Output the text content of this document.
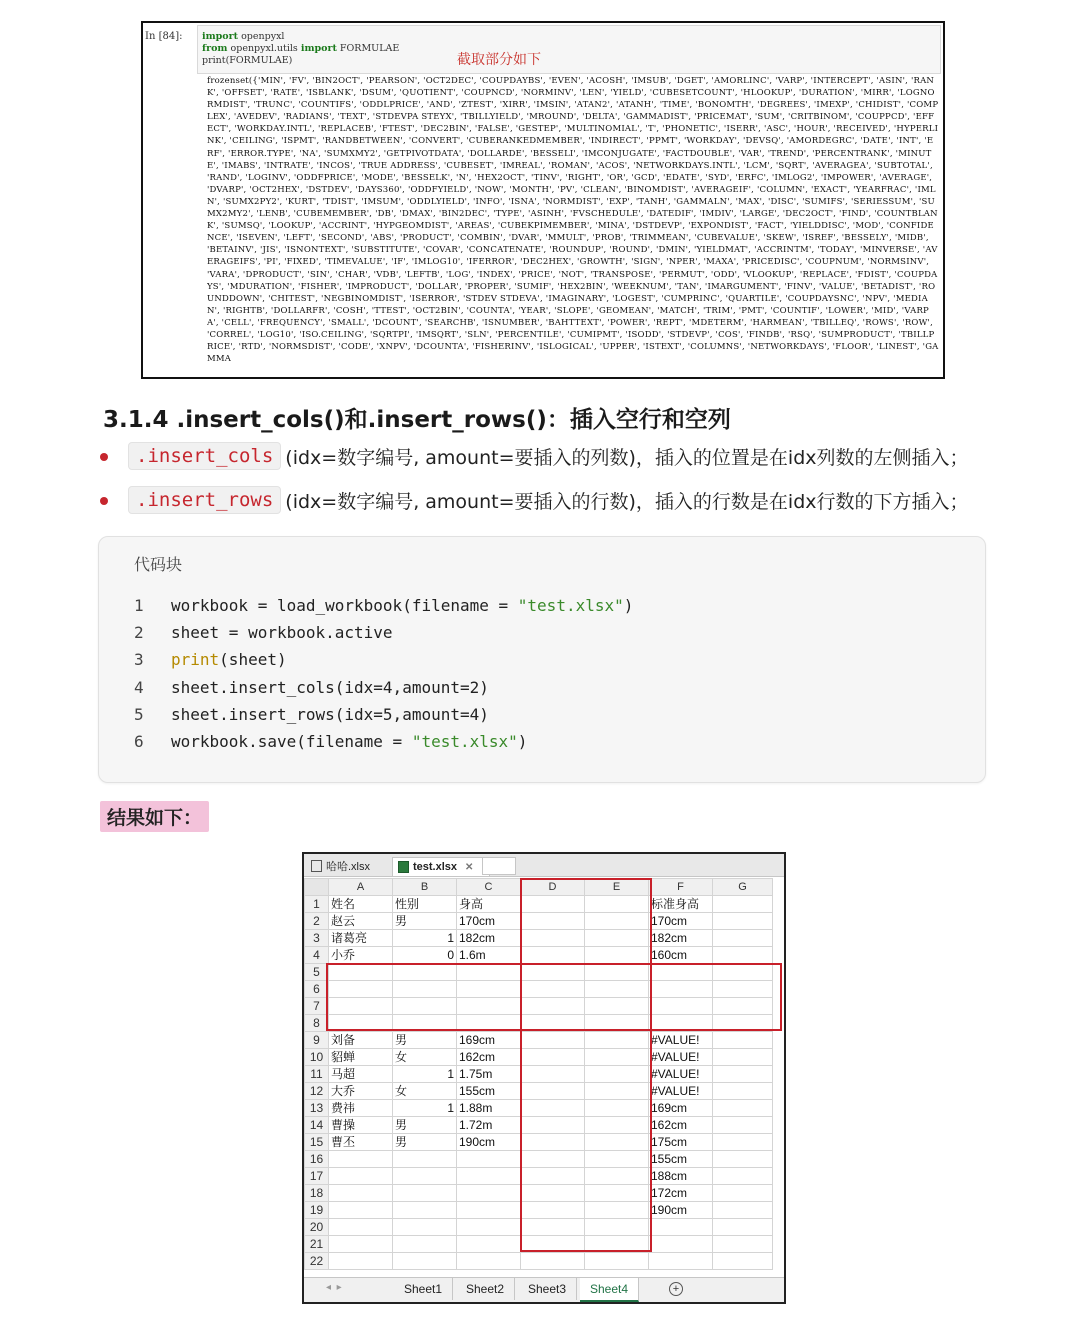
In [84]:	import openpyxl
from openpyxl.utils import FORMULAE
print(FORMULAE)	截取部分如下
frozenset({'MIN', 'FV', 'BIN2OCT', 'PEARSON', 'OCT2DEC', 'COUPDAYBS', 'EVEN', 'ACOSH', 'IMSUB', 'DGET', 'AMORLINC', 'VARP', 'INTERCEPT', 'ASIN', 'RANK', 'OFFSET', 'RATE', 'ISBLANK', 'DSUM', 'QUOTIENT', 'COUPNCD', 'NORMINV', 'LEN', 'YIELD', 'CUBESETCOUNT', 'HLOOKUP', 'DURATION', 'MIRR', 'LOGNORMDIST', 'TRUNC', 'COUNTIFS', 'ODDLPRICE', 'AND', 'ZTEST', 'XIRR', 'IMSIN', 'ATAN2', 'ATANH', 'TIME', 'BONOMTH', 'DEGREES', 'IMEXP', 'CHIDIST', 'COMPLEX', 'AVEDEV', 'RADIANS', 'TEXT', 'STDEVPA STEYX', 'TBILLYIELD', 'MROUND', 'DELTA', 'GAMMADIST', 'PRICEMAT', 'SUM', 'CRITBINOM', 'COUPPCD', 'EFFECT', 'WORKDAY.INTL', 'REPLACEB', 'FTEST', 'DEC2BIN', 'FALSE', 'GESTEP', 'MULTINOMIAL', 'T', 'PHONETIC', 'ISERR', 'ASC', 'HOUR', 'RECEIVED', 'HYPERLINK', 'CEILING', 'ISPMT', 'RANDBETWEEN', 'CONVERT', 'CUBERANKEDMEMBER', 'INDIRECT', 'PPMT', 'WORKDAY', 'DEVSQ', 'AMORDEGRC', 'DATE', 'INT', 'ERF', 'ERROR.TYPE', 'NA', 'SUMXMY2', 'GETPIVOTDATA', 'DOLLARDE', 'BESSELI', 'IMCONJUGATE', 'FACTDOUBLE', 'VAR', 'TREND', 'PERCENTRANK', 'MINUTE', 'IMABS', 'INTRATE', 'INCOS', 'TRUE ADDRESS', 'CUBESET', 'IMREAL', 'ROMAN', 'ACOS', 'NETWORKDAYS.INTL', 'LCM', 'SQRT', 'AVERAGEA', 'SUBTOTAL', 'RAND', 'LOGINV', 'ODDFPRICE', 'MODE', 'BESSELK', 'N', 'HEX2OCT', 'TINV', 'RIGHT', 'OR', 'GCD', 'EDATE', 'SYD', 'ERFC', 'IMLOG2', 'IMPOWER', 'AVERAGE', 'DVARP', 'OCT2HEX', 'DSTDEV', 'DAYS360', 'ODDFYIELD', 'NOW', 'MONTH', 'PV', 'CLEAN', 'BINOMDIST', 'AVERAGEIF', 'COLUMN', 'EXACT', 'YEARFRAC', 'IMLN', 'SUMX2PY2', 'KURT', 'TDIST', 'IMSUM', 'ODDLYIELD', 'INFO', 'ISNA', 'NORMDIST', 'EXP', 'TANH', 'GAMMALN', 'MAX', 'DISC', 'SUMIFS', 'SERIESSUM', 'SUMX2MY2', 'LENB', 'CUBEMEMBER', 'DB', 'DMAX', 'BIN2DEC', 'TYPE', 'ASINH', 'FVSCHEDULE', 'DATEDIF', 'IMDIV', 'LARGE', 'DEC2OCT', 'FIND', 'COUNTBLANK', 'SUMSQ', 'LOOKUP', 'ACCRINT', 'HYPGEOMDIST', 'AREAS', 'CUBEKPIMEMBER', 'MINA', 'DSTDEVP', 'EXPONDIST', 'FACT', 'YIELDDISC', 'MOD', 'CONFIDENCE', 'ISEVEN', 'LEFT', 'SECOND', 'ABS', 'PRODUCT', 'COMBIN', 'DVAR', 'MMULT', 'PROB', 'TRIMMEAN', 'CUBEVALUE', 'SKEW', 'ISREF', 'BESSELY', 'MIDB', 'BETAINV', 'JIS', 'ISNONTEXT', 'SUBSTITUTE', 'COVAR', 'CONCATENATE', 'ROUNDUP', 'ROUND', 'DMIN', 'YIELDMAT', 'ACCRINTM', 'TODAY', 'MINVERSE', 'AVERAGEIFS', 'PI', 'FIXED', 'TIMEVALUE', 'IF', 'IMLOG10', 'IFERROR', 'DEC2HEX', 'GROWTH', 'SIGN', 'NPER', 'MAXA', 'PRICEDISC', 'COUPNUM', 'NORMSINV', 'VARA', 'DPRODUCT', 'SIN', 'CHAR', 'VDB', 'LEFTB', 'LOG', 'INDEX', 'PRICE', 'NOT', 'TRANSPOSE', 'PERMUT', 'ODD', 'VLOOKUP', 'REPLACE', 'FDIST', 'COUPDAYS', 'MDURATION', 'FISHER', 'IMPRODUCT', 'DOLLAR', 'PROPER', 'SUMIF', 'HEX2BIN', 'WEEKNUM', 'TAN', 'IMARGUMENT', 'FINV', 'VALUE', 'BETADIST', 'ROUNDDOWN', 'CHITEST', 'NEGBINOMDIST', 'ISERROR', 'STDEV STDEVA', 'IMAGINARY', 'LOGEST', 'CUMPRINC', 'QUARTILE', 'COUPDAYSNC', 'NPV', 'MEDIAN', 'RIGHTB', 'DOLLARFR', 'COSH', 'TTEST', 'OCT2BIN', 'COUNTA', 'YEAR', 'SLOPE', 'GEOMEAN', 'MATCH', 'TRIM', 'PMT', 'COUNTIF', 'LOWER', 'MID', 'VARPA', 'CELL', 'FREQUENCY', 'SMALL', 'DCOUNT', 'SEARCHB', 'ISNUMBER', 'BAHTTEXT', 'POWER', 'REPT', 'MDETERM', 'HARMEAN', 'TBILLEQ', 'ROWS', 'ROW', 'CORREL', 'LOG10', 'ISO.CEILING', 'SQRTPI', 'IMSQRT', 'SLN', 'PERCENTILE', 'CUMIPMT', 'ISODD', 'STDEVP', 'COS', 'FINDB', 'RSQ', 'SUMPRODUCT', 'TBILLPRICE', 'RTD', 'NORMSDIST', 'CODE', 'XNPV', 'DCOUNTA', 'FISHERINV', 'ISLOGICAL', 'UPPER', 'ISTEXT', 'COLUMNS', 'NETWORKDAYS', 'FLOOR', 'LINEST', 'GAMMA
3.1.4 .insert_cols()和.insert_rows()：插入空行和空列
.insert_cols (idx=数字编号, amount=要插入的列数)，插入的位置是在idx列数的左侧插入；
.insert_rows (idx=数字编号, amount=要插入的行数)，插入的行数是在idx行数的下方插入；
代码块
1	workbook = load_workbook(filename = "test.xlsx")
2	sheet = workbook.active
3	print(sheet)
4	sheet.insert_cols(idx=4,amount=2)
5	sheet.insert_rows(idx=5,amount=4)
6	workbook.save(filename = "test.xlsx")
结果如下：
哈哈.xlsx	test.xlsx ✕
	A	B	C	D	E	F	G
1	姓名	性别	身高			标准身高	
2	赵云	男	170cm			170cm	
3	诸葛亮	1	182cm			182cm	
4	小乔	0	1.6m			160cm	
5							
6							
7							
8							
9	刘备	男	169cm			#VALUE!	
10	貂蝉	女	162cm			#VALUE!	
11	马超	1	1.75m			#VALUE!	
12	大乔	女	155cm			#VALUE!	
13	费祎	1	1.88m			169cm	
14	曹操	男	1.72m			162cm	
15	曹丕	男	190cm			175cm	
16						155cm	
17						188cm	
18						172cm	
19						190cm	
20							
21							
22							
◂  ▸	Sheet1	Sheet2	Sheet3	Sheet4	+
